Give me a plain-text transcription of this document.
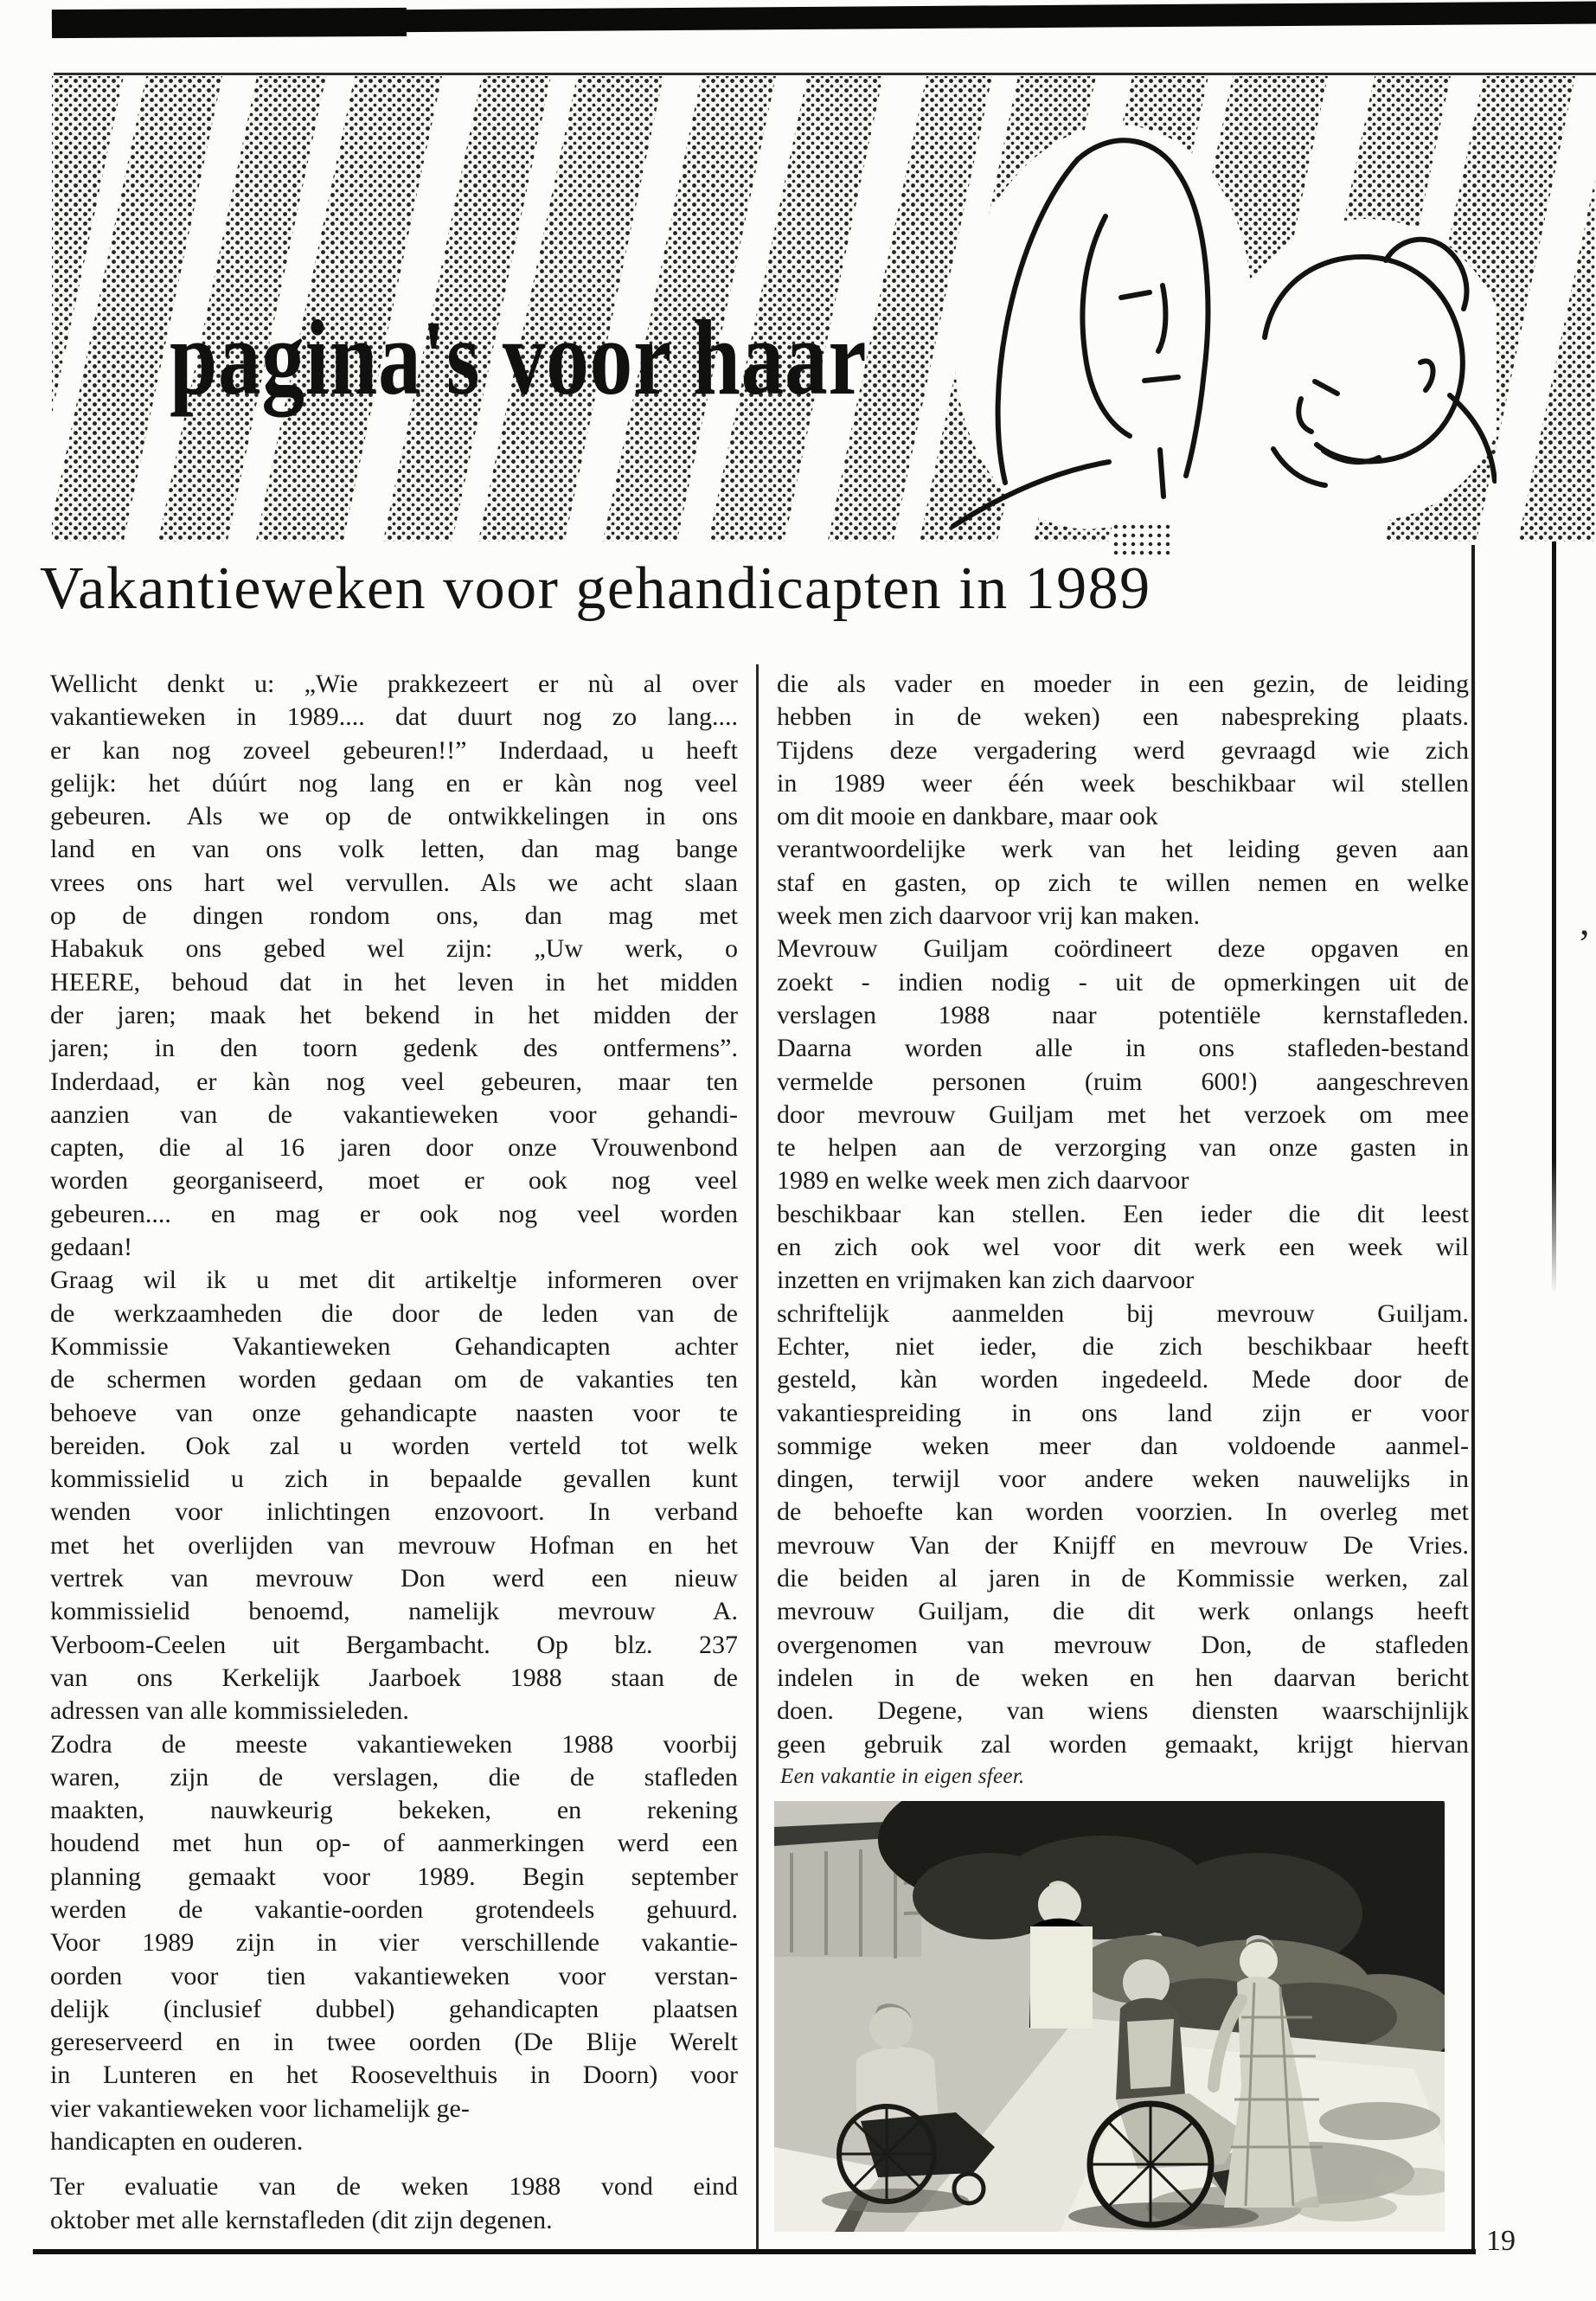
pagina's voor haar
Vakantieweken voor gehandicapten in 1989
,
Wellicht denkt u: „Wie prakkezeert er nù al over
vakantieweken in 1989.... dat duurt nog zo lang....
er kan nog zoveel gebeuren!!” Inderdaad, u heeft
gelijk: het dúúrt nog lang en er kàn nog veel
gebeuren. Als we op de ontwikkelingen in ons
land en van ons volk letten, dan mag bange
vrees ons hart wel vervullen. Als we acht slaan
op de dingen rondom ons, dan mag met
Habakuk ons gebed wel zijn: „Uw werk, o
HEERE, behoud dat in het leven in het midden
der jaren; maak het bekend in het midden der
jaren; in den toorn gedenk des ontfermens”.
Inderdaad, er kàn nog veel gebeuren, maar ten
aanzien van de vakantieweken voor gehandi-
capten, die al 16 jaren door onze Vrouwenbond
worden georganiseerd, moet er ook nog veel
gebeuren.... en mag er ook nog veel worden
gedaan!
Graag wil ik u met dit artikeltje informeren over
de werkzaamheden die door de leden van de
Kommissie Vakantieweken Gehandicapten achter
de schermen worden gedaan om de vakanties ten
behoeve van onze gehandicapte naasten voor te
bereiden. Ook zal u worden verteld tot welk
kommissielid u zich in bepaalde gevallen kunt
wenden voor inlichtingen enzovoort. In verband
met het overlijden van mevrouw Hofman en het
vertrek van mevrouw Don werd een nieuw
kommissielid benoemd, namelijk mevrouw A.
Verboom-Ceelen uit Bergambacht. Op blz. 237
van ons Kerkelijk Jaarboek 1988 staan de
adressen van alle kommissieleden.
Zodra de meeste vakantieweken 1988 voorbij
waren, zijn de verslagen, die de stafleden
maakten, nauwkeurig bekeken, en rekening
houdend met hun op- of aanmerkingen werd een
planning gemaakt voor 1989. Begin september
werden de vakantie-oorden grotendeels gehuurd.
Voor 1989 zijn in vier verschillende vakantie-
oorden voor tien vakantieweken voor verstan-
delijk (inclusief dubbel) gehandicapten plaatsen
gereserveerd en in twee oorden (De Blije Werelt
in Lunteren en het Roosevelthuis in Doorn) voor
vier vakantieweken voor lichamelijk ge-
handicapten en ouderen.
Ter evaluatie van de weken 1988 vond eind
oktober met alle kernstafleden (dit zijn degenen.
die als vader en moeder in een gezin, de leiding
hebben in de weken) een nabespreking plaats.
Tijdens deze vergadering werd gevraagd wie zich
in 1989 weer één week beschikbaar wil stellen
om dit mooie en dankbare, maar ook
verantwoordelijke werk van het leiding geven aan
staf en gasten, op zich te willen nemen en welke
week men zich daarvoor vrij kan maken.
Mevrouw Guiljam coördineert deze opgaven en
zoekt - indien nodig - uit de opmerkingen uit de
verslagen 1988 naar potentiële kernstafleden.
Daarna worden alle in ons stafleden-bestand
vermelde personen (ruim 600!) aangeschreven
door mevrouw Guiljam met het verzoek om mee
te helpen aan de verzorging van onze gasten in
1989 en welke week men zich daarvoor
beschikbaar kan stellen. Een ieder die dit leest
en zich ook wel voor dit werk een week wil
inzetten en vrijmaken kan zich daarvoor
schriftelijk aanmelden bij mevrouw Guiljam.
Echter, niet ieder, die zich beschikbaar heeft
gesteld, kàn worden ingedeeld. Mede door de
vakantiespreiding in ons land zijn er voor
sommige weken meer dan voldoende aanmel-
dingen, terwijl voor andere weken nauwelijks in
de behoefte kan worden voorzien. In overleg met
mevrouw Van der Knijff en mevrouw De Vries.
die beiden al jaren in de Kommissie werken, zal
mevrouw Guiljam, die dit werk onlangs heeft
overgenomen van mevrouw Don, de stafleden
indelen in de weken en hen daarvan bericht
doen. Degene, van wiens diensten waarschijnlijk
geen gebruik zal worden gemaakt, krijgt hiervan
Een vakantie in eigen sfeer.
19
